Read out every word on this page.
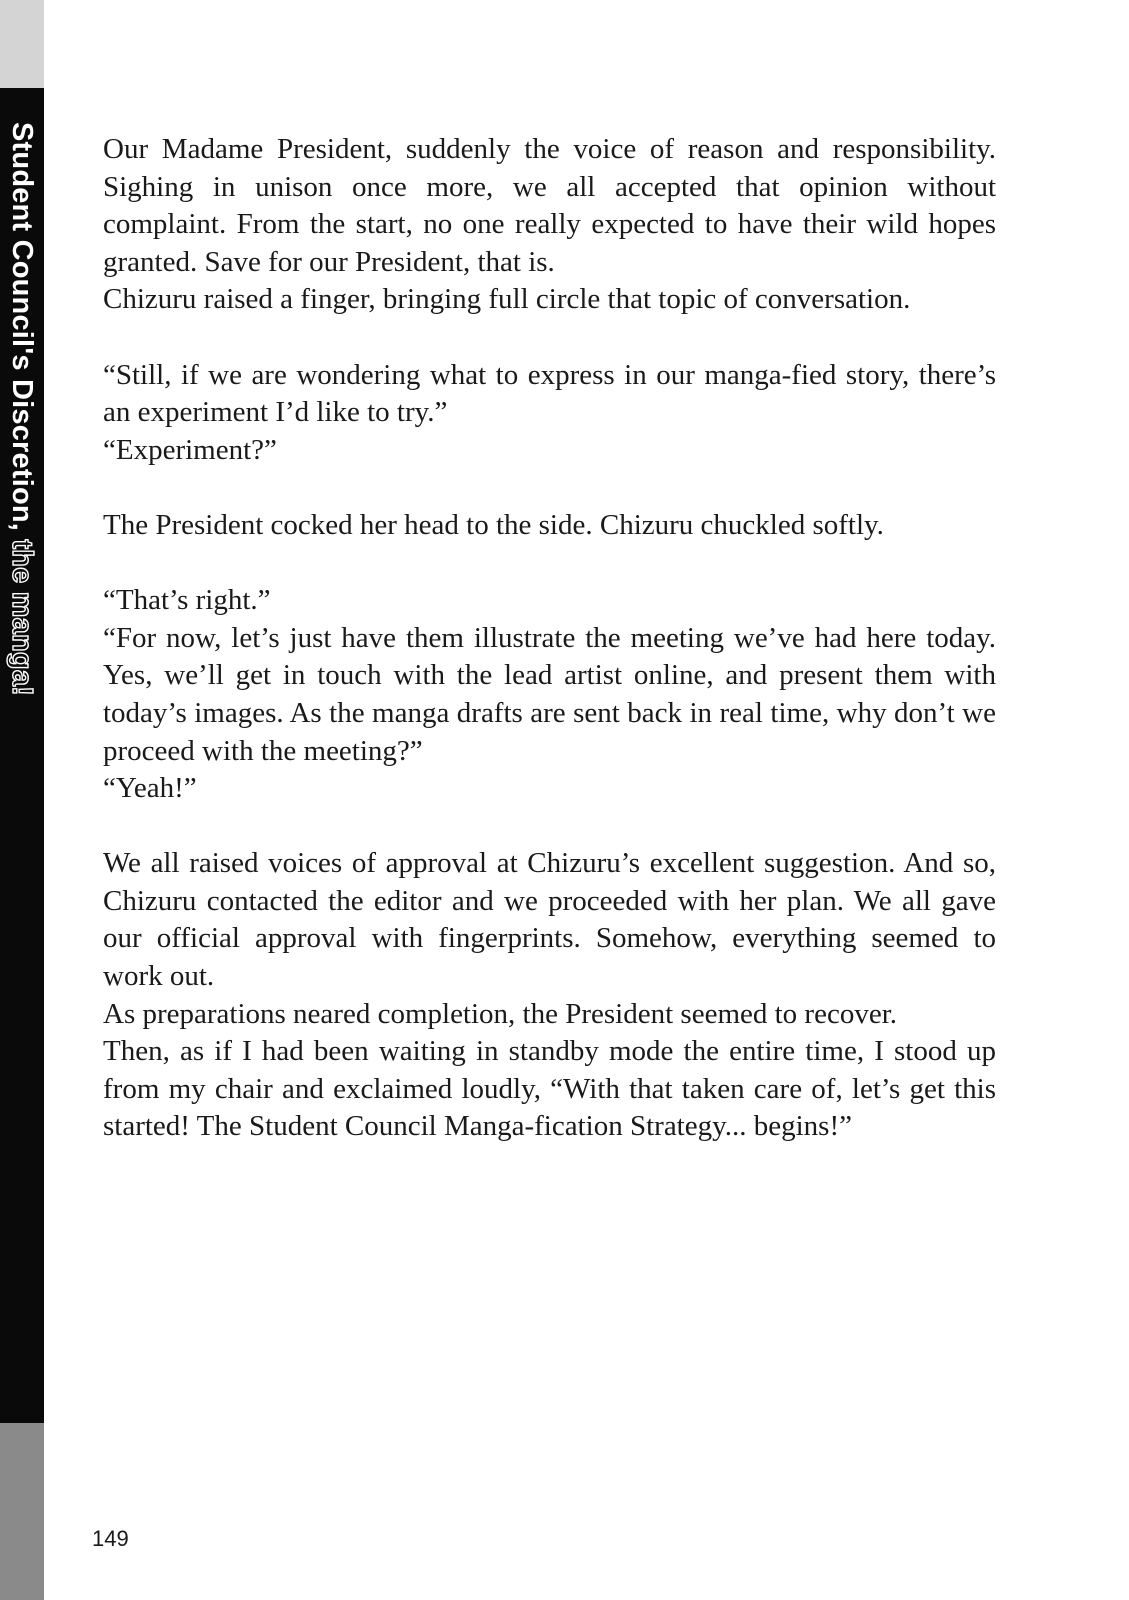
Student Council's Discretion, the manga!

Our Madame President, suddenly the voice of reason and responsibility. Sighing in unison once more, we all accepted that opinion without complaint. From the start, no one really expected to have their wild hopes granted. Save for our President, that is.

Chizuru raised a finger, bringing full circle that topic of conversation.

“Still, if we are wondering what to express in our manga-fied story, there’s an experiment I’d like to try.”

“Experiment?”

The President cocked her head to the side. Chizuru chuckled softly.

“That’s right.”

“For now, let’s just have them illustrate the meeting we’ve had here today. Yes, we’ll get in touch with the lead artist online, and present them with today’s images. As the manga drafts are sent back in real time, why don’t we proceed with the meeting?”

“Yeah!”

We all raised voices of approval at Chizuru’s excellent suggestion. And so, Chizuru contacted the editor and we proceeded with her plan. We all gave our official approval with fingerprints. Somehow, everything seemed to work out.

As preparations neared completion, the President seemed to recover.

Then, as if I had been waiting in standby mode the entire time, I stood up from my chair and exclaimed loudly, “With that taken care of, let’s get this started! The Student Council Manga-fication Strategy... begins!”

149
